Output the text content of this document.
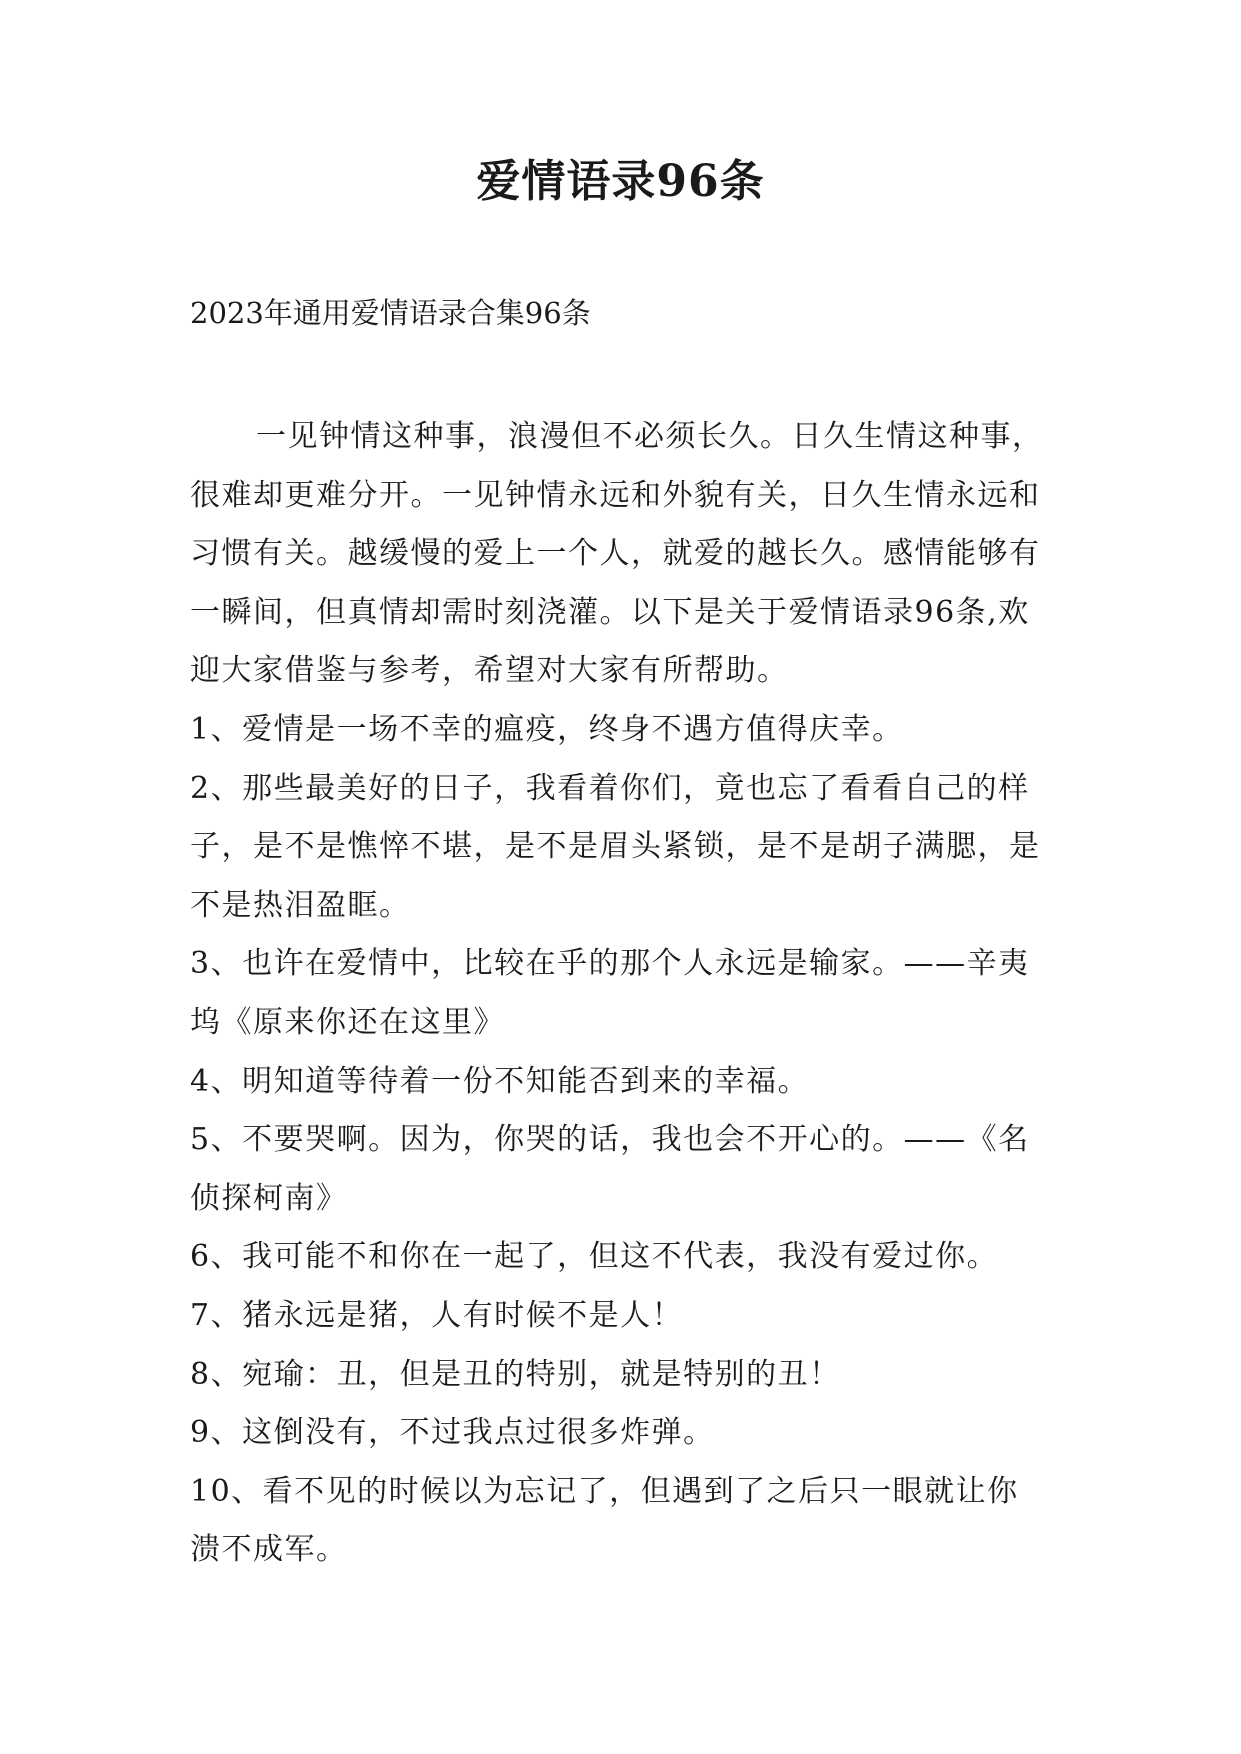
爱情语录96条

2023年通用爱情语录合集96条

一见钟情这种事，浪漫但不必须长久。日久生情这种事，很难却更难分开。一见钟情永远和外貌有关，日久生情永远和习惯有关。越缓慢的爱上一个人，就爱的越长久。感情能够有一瞬间，但真情却需时刻浇灌。以下是关于爱情语录96条,欢迎大家借鉴与参考，希望对大家有所帮助。

1、爱情是一场不幸的瘟疫，终身不遇方值得庆幸。

2、那些最美好的日子，我看着你们，竟也忘了看看自己的样子，是不是憔悴不堪，是不是眉头紧锁，是不是胡子满腮，是不是热泪盈眶。

3、也许在爱情中，比较在乎的那个人永远是输家。——辛夷坞《原来你还在这里》

4、明知道等待着一份不知能否到来的幸福。

5、不要哭啊。因为，你哭的话，我也会不开心的。——《名侦探柯南》

6、我可能不和你在一起了，但这不代表，我没有爱过你。

7、猪永远是猪，人有时候不是人！

8、宛瑜：丑，但是丑的特别，就是特别的丑！

9、这倒没有，不过我点过很多炸弹。

10、看不见的时候以为忘记了，但遇到了之后只一眼就让你溃不成军。
